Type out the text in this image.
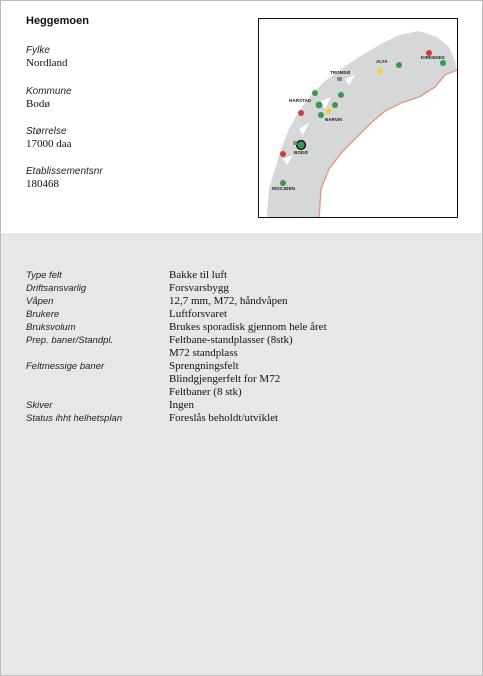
Heggemoen
Fylke
Nordland
Kommune
Bodø
Størrelse
17000 daa
Etablissementsnr
180468
ALTA
KIRKENES
TROMSØ
HARSTAD
NARVIK
BODØ
MOSJØEN
Type felt	Bakke til luft
Driftsansvarlig	Forsvarsbygg
Våpen	12,7 mm, M72, håndvåpen
Brukere	Luftforsvaret
Bruksvolum	Brukes sporadisk gjennom hele året
Prep. baner/Standpl.	Feltbane-standplasser (8stk)
M72 standplass
Feltmessige baner	Sprengningsfelt
Blindgjengerfelt for M72
Feltbaner (8 stk)
Skiver	Ingen
Status ihht helhetsplan	Foreslås beholdt/utviklet
